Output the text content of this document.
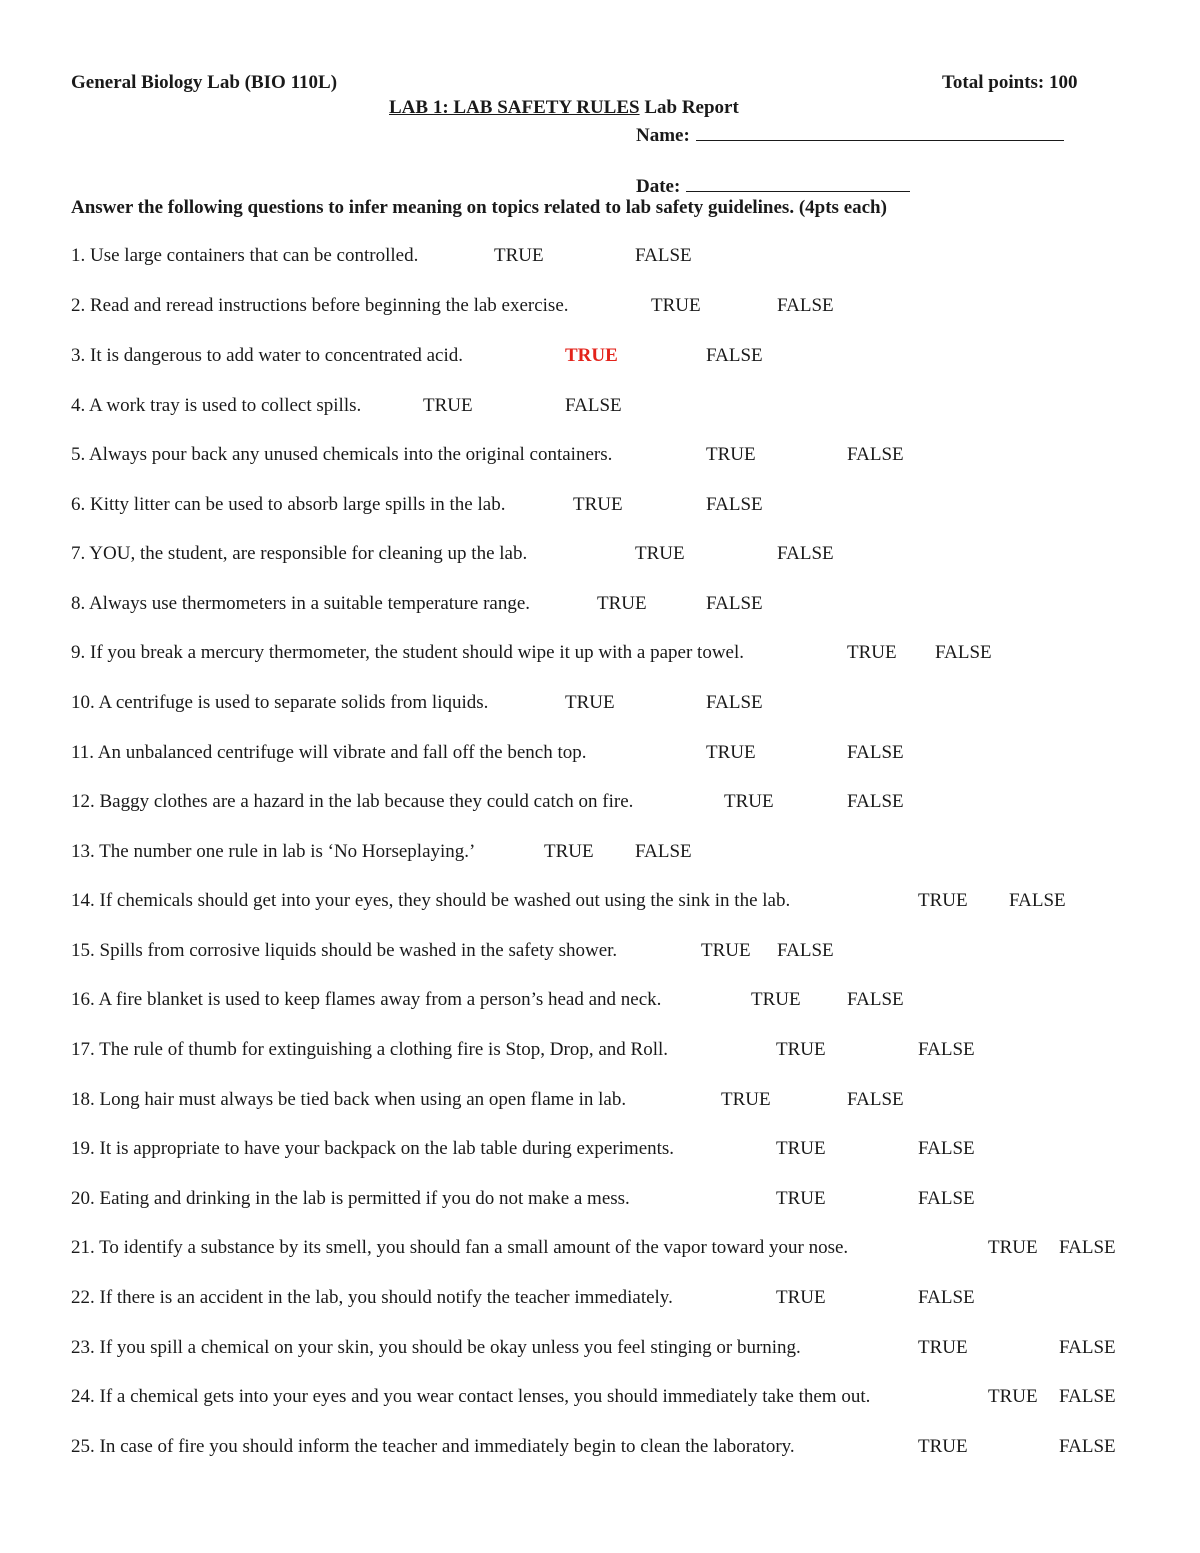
General Biology Lab (BIO 110L)	Total points: 100
LAB 1: LAB SAFETY RULES Lab Report
Name:
Date:
Answer the following questions to infer meaning on topics related to lab safety guidelines. (4pts each)
1. Use large containers that can be controlled.	TRUE	FALSE
2. Read and reread instructions before beginning the lab exercise.	TRUE	FALSE
3. It is dangerous to add water to concentrated acid.	TRUE	FALSE
4. A work tray is used to collect spills.	TRUE	FALSE
5. Always pour back any unused chemicals into the original containers.	TRUE	FALSE
6. Kitty litter can be used to absorb large spills in the lab.	TRUE	FALSE
7. YOU, the student, are responsible for cleaning up the lab.	TRUE	FALSE
8. Always use thermometers in a suitable temperature range.	TRUE	FALSE
9. If you break a mercury thermometer, the student should wipe it up with a paper towel.	TRUE FALSE
10. A centrifuge is used to separate solids from liquids.	TRUE	FALSE
11. An unbalanced centrifuge will vibrate and fall off the bench top.	TRUE	FALSE
12. Baggy clothes are a hazard in the lab because they could catch on fire.	TRUE	FALSE
13. The number one rule in lab is ‘No Horseplaying.’	TRUE FALSE
14. If chemicals should get into your eyes, they should be washed out using the sink in the lab.	TRUE FALSE
15. Spills from corrosive liquids should be washed in the safety shower.	TRUE FALSE
16. A fire blanket is used to keep flames away from a person’s head and neck.	TRUE FALSE
17. The rule of thumb for extinguishing a clothing fire is Stop, Drop, and Roll.	TRUE	FALSE
18. Long hair must always be tied back when using an open flame in lab.	TRUE	FALSE
19. It is appropriate to have your backpack on the lab table during experiments.	TRUE	FALSE
20. Eating and drinking in the lab is permitted if you do not make a mess.	TRUE	FALSE
21. To identify a substance by its smell, you should fan a small amount of the vapor toward your nose.	TRUE FALSE
22. If there is an accident in the lab, you should notify the teacher immediately.	TRUE	FALSE
23. If you spill a chemical on your skin, you should be okay unless you feel stinging or burning.	TRUE	FALSE
24. If a chemical gets into your eyes and you wear contact lenses, you should immediately take them out.	TRUE FALSE
25. In case of fire you should inform the teacher and immediately begin to clean the laboratory.	TRUE	FALSE
